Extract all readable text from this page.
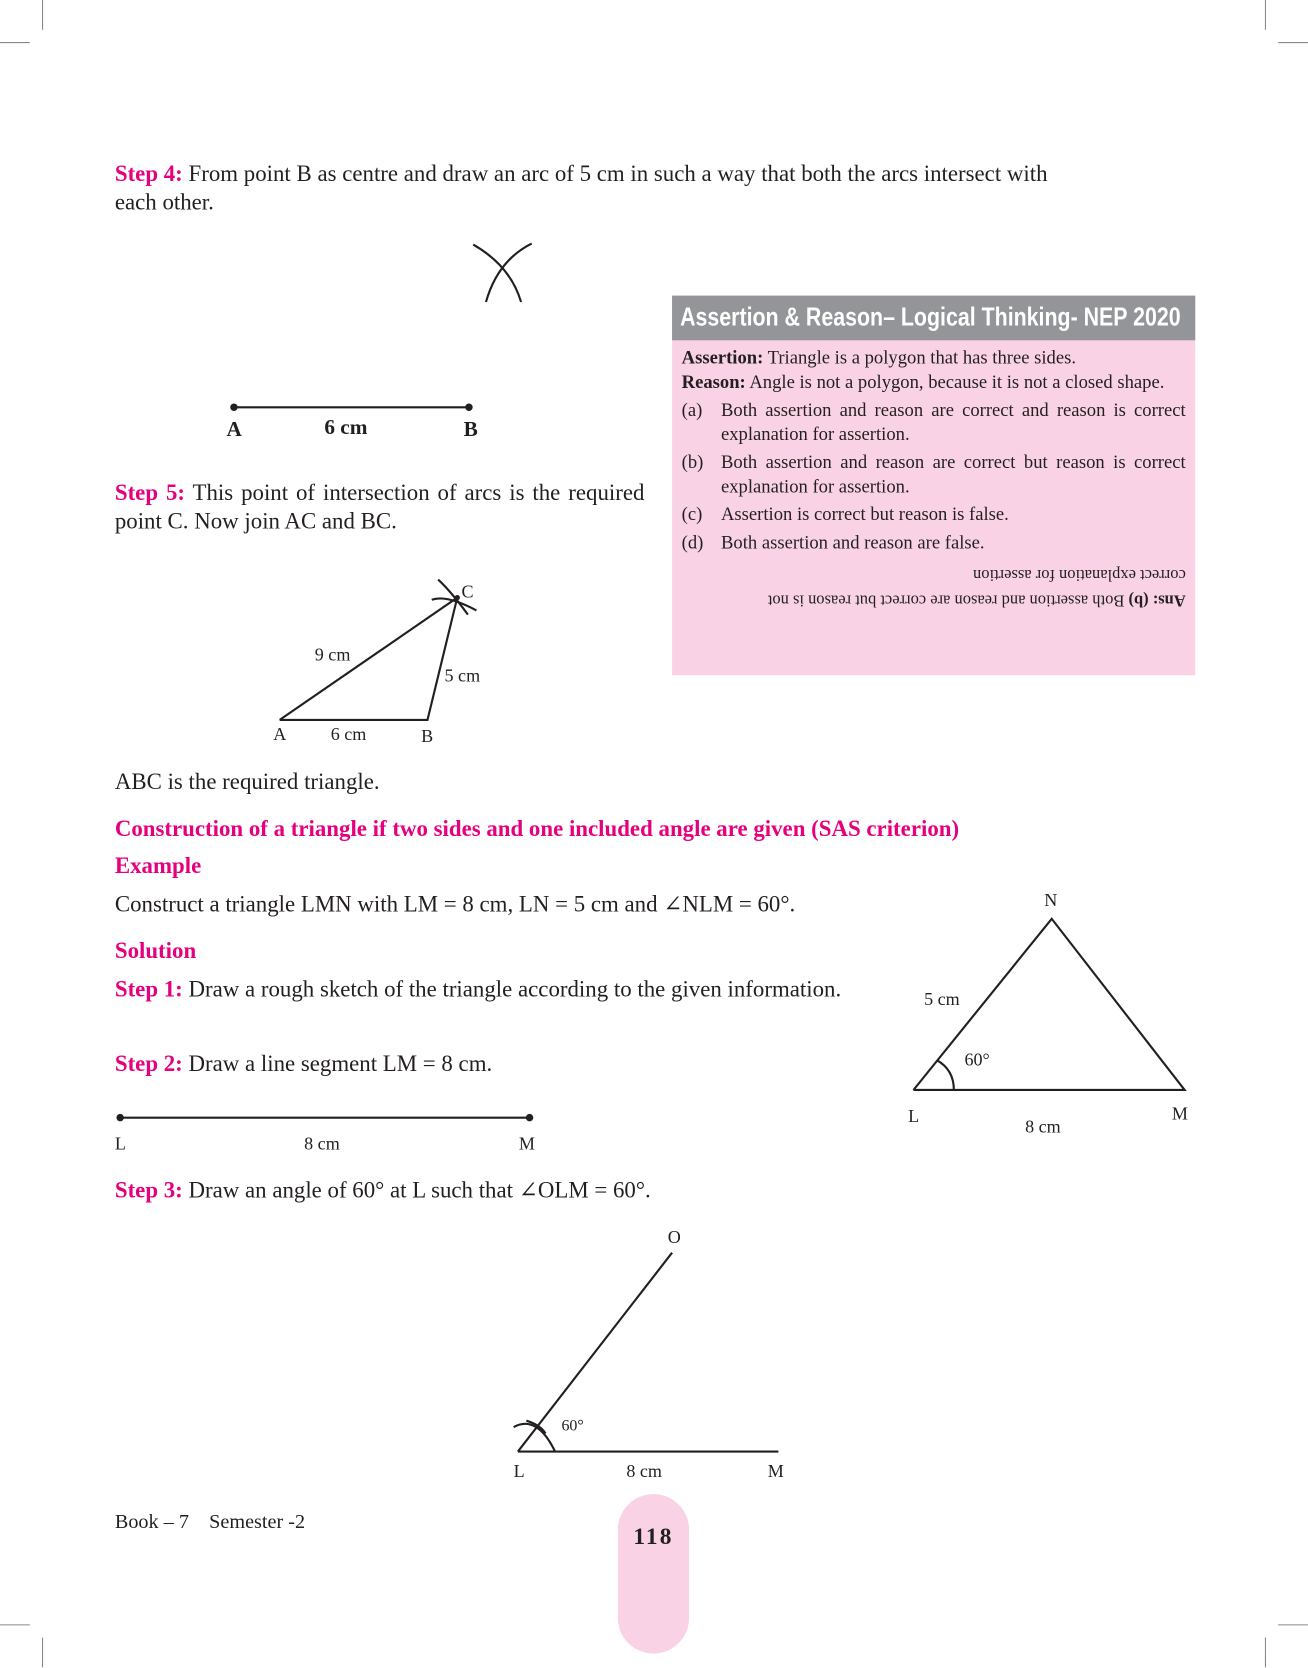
A	6 cm	B
C
9 cm
5 cm
A	6 cm	B
L	8 cm	M
O
60°
L	8 cm	M
N
5 cm
60°
L
8 cm
M
Step 4: From point B as centre and draw an arc of 5 cm in such a way that both the arcs intersect with
each other.
Step 5: This point of intersection of arcs is the required point C. Now join AC and BC.
Assertion & Reason– Logical Thinking- NEP 2020
Assertion: Triangle is a polygon that has three sides.
Reason: Angle is not a polygon, because it is not a closed shape.
(a)	Both assertion and reason are correct and reason is correct explanation for assertion.
(b)	Both assertion and reason are correct but reason is correct explanation for assertion.
(c)	Assertion is correct but reason is false.
(d)	Both assertion and reason are false.
correct explanation for assertion
Ans: (b) Both assertion and reason are correct but reason is not
ABC is the required triangle.
Construction of a triangle if two sides and one included angle are given (SAS criterion)
Example
Construct a triangle LMN with LM = 8 cm, LN = 5 cm and ∠NLM = 60°.
Solution
Step 1: Draw a rough sketch of the triangle according to the given information.
Step 2: Draw a line segment LM = 8 cm.
Step 3: Draw an angle of 60° at L such that ∠OLM = 60°.
Book – 7 Semester -2
118
